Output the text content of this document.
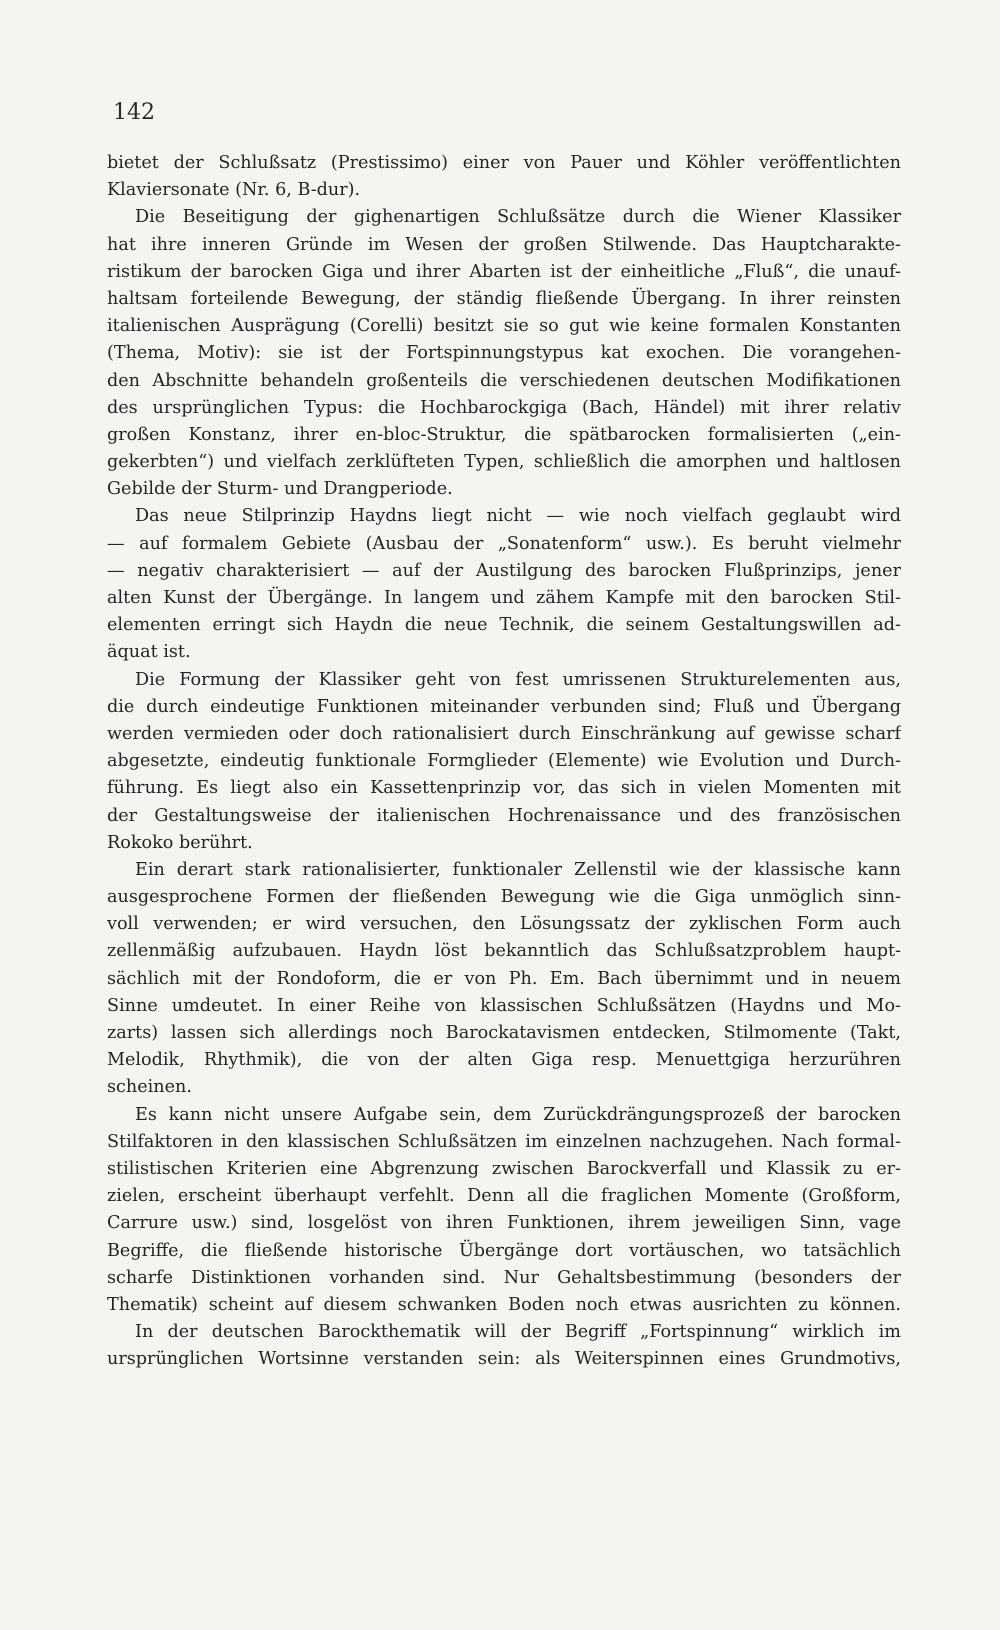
142
bietet der Schlußsatz (Prestissimo) einer von Pauer und Köhler veröffentlichten
Klaviersonate (Nr. 6, B-dur).
Die Beseitigung der gighenartigen Schlußsätze durch die Wiener Klassiker
hat ihre inneren Gründe im Wesen der großen Stilwende. Das Hauptcharakte-
ristikum der barocken Giga und ihrer Abarten ist der einheitliche „Fluß“, die unauf-
haltsam forteilende Bewegung, der ständig fließende Übergang. In ihrer reinsten
italienischen Ausprägung (Corelli) besitzt sie so gut wie keine formalen Konstanten
(Thema, Motiv): sie ist der Fortspinnungstypus kat exochen. Die vorangehen-
den Abschnitte behandeln großenteils die verschiedenen deutschen Modifikationen
des ursprünglichen Typus: die Hochbarockgiga (Bach, Händel) mit ihrer relativ
großen Konstanz, ihrer en-bloc-Struktur, die spätbarocken formalisierten („ein-
gekerbten“) und vielfach zerklüfteten Typen, schließlich die amorphen und haltlosen
Gebilde der Sturm- und Drangperiode.
Das neue Stilprinzip Haydns liegt nicht — wie noch vielfach geglaubt wird
— auf formalem Gebiete (Ausbau der „Sonatenform“ usw.). Es beruht vielmehr
— negativ charakterisiert — auf der Austilgung des barocken Flußprinzips, jener
alten Kunst der Übergänge. In langem und zähem Kampfe mit den barocken Stil-
elementen erringt sich Haydn die neue Technik, die seinem Gestaltungswillen ad-
äquat ist.
Die Formung der Klassiker geht von fest umrissenen Strukturelementen aus,
die durch eindeutige Funktionen miteinander verbunden sind; Fluß und Übergang
werden vermieden oder doch rationalisiert durch Einschränkung auf gewisse scharf
abgesetzte, eindeutig funktionale Formglieder (Elemente) wie Evolution und Durch-
führung. Es liegt also ein Kassettenprinzip vor, das sich in vielen Momenten mit
der Gestaltungsweise der italienischen Hochrenaissance und des französischen
Rokoko berührt.
Ein derart stark rationalisierter, funktionaler Zellenstil wie der klassische kann
ausgesprochene Formen der fließenden Bewegung wie die Giga unmöglich sinn-
voll verwenden; er wird versuchen, den Lösungssatz der zyklischen Form auch
zellenmäßig aufzubauen. Haydn löst bekanntlich das Schlußsatzproblem haupt-
sächlich mit der Rondoform, die er von Ph. Em. Bach übernimmt und in neuem
Sinne umdeutet. In einer Reihe von klassischen Schlußsätzen (Haydns und Mo-
zarts) lassen sich allerdings noch Barockatavismen entdecken, Stilmomente (Takt,
Melodik, Rhythmik), die von der alten Giga resp. Menuettgiga herzurühren
scheinen.
Es kann nicht unsere Aufgabe sein, dem Zurückdrängungsprozeß der barocken
Stilfaktoren in den klassischen Schlußsätzen im einzelnen nachzugehen. Nach formal-
stilistischen Kriterien eine Abgrenzung zwischen Barockverfall und Klassik zu er-
zielen, erscheint überhaupt verfehlt. Denn all die fraglichen Momente (Großform,
Carrure usw.) sind, losgelöst von ihren Funktionen, ihrem jeweiligen Sinn, vage
Begriffe, die fließende historische Übergänge dort vortäuschen, wo tatsächlich
scharfe Distinktionen vorhanden sind. Nur Gehaltsbestimmung (besonders der
Thematik) scheint auf diesem schwanken Boden noch etwas ausrichten zu können.
In der deutschen Barockthematik will der Begriff „Fortspinnung“ wirklich im
ursprünglichen Wortsinne verstanden sein: als Weiterspinnen eines Grundmotivs,
